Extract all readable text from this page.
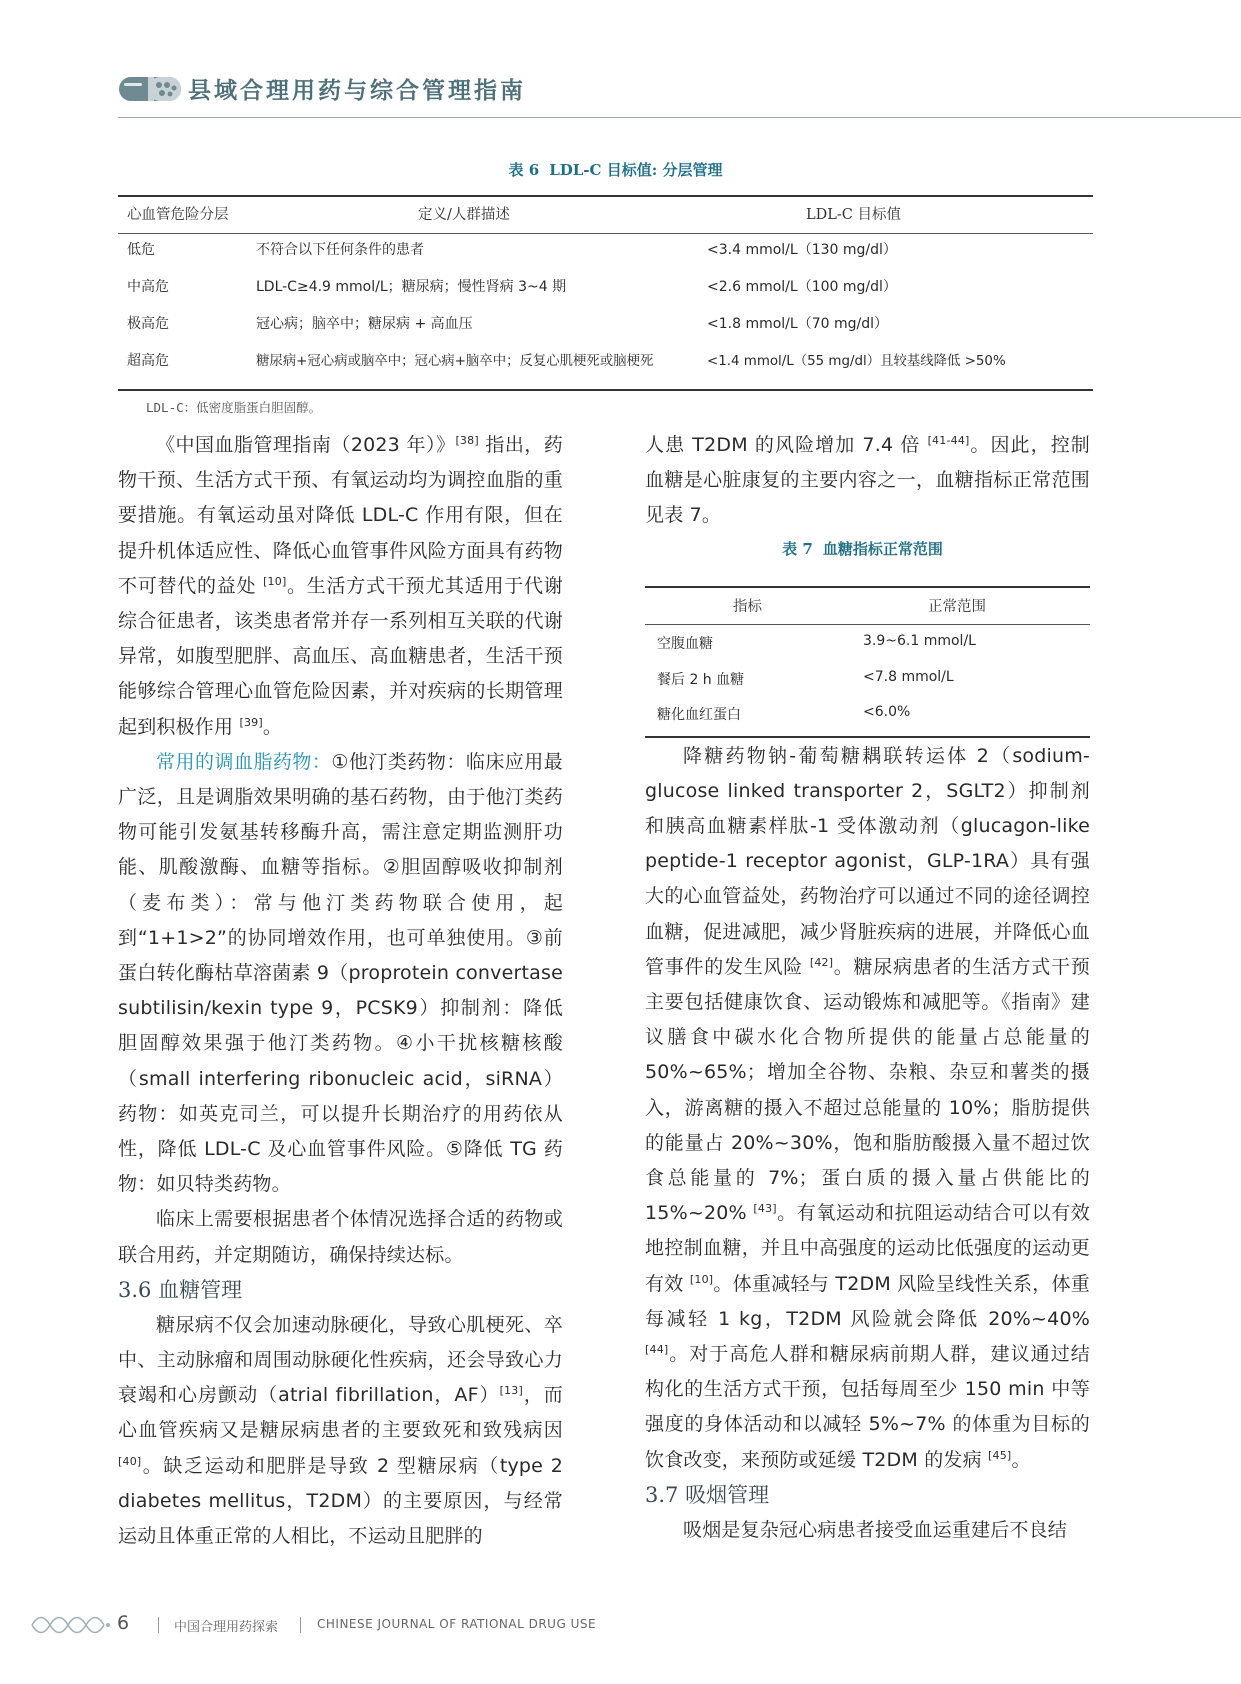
县域合理用药与综合管理指南
表 6 LDL-C 目标值: 分层管理
心血管危险分层	定义/人群描述	LDL-C 目标值
低危	不符合以下任何条件的患者	<3.4 mmol/L（130 mg/dl）
中高危	LDL-C≥4.9 mmol/L；糖尿病；慢性肾病 3~4 期	<2.6 mmol/L（100 mg/dl）
极高危	冠心病；脑卒中；糖尿病 + 高血压	<1.8 mmol/L（70 mg/dl）
超高危	糖尿病+冠心病或脑卒中；冠心病+脑卒中；反复心肌梗死或脑梗死	<1.4 mmol/L（55 mg/dl）且较基线降低 >50%
LDL-C：低密度脂蛋白胆固醇。

《中国血脂管理指南（2023 年）》[38] 指出，药物干预、生活方式干预、有氧运动均为调控血脂的重要措施。有氧运动虽对降低 LDL-C 作用有限，但在提升机体适应性、降低心血管事件风险方面具有药物不可替代的益处 [10]。生活方式干预尤其适用于代谢综合征患者，该类患者常并存一系列相互关联的代谢异常，如腹型肥胖、高血压、高血糖患者，生活干预能够综合管理心血管危险因素，并对疾病的长期管理起到积极作用 [39]。

常用的调血脂药物：①他汀类药物：临床应用最广泛，且是调脂效果明确的基石药物，由于他汀类药物可能引发氨基转移酶升高，需注意定期监测肝功能、肌酸激酶、血糖等指标。②胆固醇吸收抑制剂（麦布类）：常与他汀类药物联合使用，起到“1+1>2”的协同增效作用，也可单独使用。③前蛋白转化酶枯草溶菌素 9（proprotein convertase subtilisin/kexin type 9，PCSK9）抑制剂：降低胆固醇效果强于他汀类药物。④小干扰核糖核酸（small interfering ribonucleic acid，siRNA）药物：如英克司兰，可以提升长期治疗的用药依从性，降低 LDL-C 及心血管事件风险。⑤降低 TG 药物：如贝特类药物。

临床上需要根据患者个体情况选择合适的药物或联合用药，并定期随访，确保持续达标。

3.6 血糖管理

糖尿病不仅会加速动脉硬化，导致心肌梗死、卒中、主动脉瘤和周围动脉硬化性疾病，还会导致心力衰竭和心房颤动（atrial fibrillation，AF）[13]，而心血管疾病又是糖尿病患者的主要致死和致残病因 [40]。缺乏运动和肥胖是导致 2 型糖尿病（type 2 diabetes mellitus，T2DM）的主要原因，与经常运动且体重正常的人相比，不运动且肥胖的

人患 T2DM 的风险增加 7.4 倍 [41-44]。因此，控制血糖是心脏康复的主要内容之一，血糖指标正常范围见表 7。

表 7 血糖指标正常范围
指标	正常范围
空腹血糖	3.9~6.1 mmol/L
餐后 2 h 血糖	<7.8 mmol/L
糖化血红蛋白	<6.0%

降糖药物钠-葡萄糖耦联转运体 2（sodium-glucose linked transporter 2，SGLT2）抑制剂和胰高血糖素样肽-1 受体激动剂（glucagon-like peptide-1 receptor agonist，GLP-1RA）具有强大的心血管益处，药物治疗可以通过不同的途径调控血糖，促进减肥，减少肾脏疾病的进展，并降低心血管事件的发生风险 [42]。糖尿病患者的生活方式干预主要包括健康饮食、运动锻炼和减肥等。《指南》建议膳食中碳水化合物所提供的能量占总能量的 50%~65%；增加全谷物、杂粮、杂豆和薯类的摄入，游离糖的摄入不超过总能量的 10%；脂肪提供的能量占 20%~30%，饱和脂肪酸摄入量不超过饮食总能量的 7%；蛋白质的摄入量占供能比的 15%~20% [43]。有氧运动和抗阻运动结合可以有效地控制血糖，并且中高强度的运动比低强度的运动更有效 [10]。体重减轻与 T2DM 风险呈线性关系，体重每减轻 1 kg，T2DM 风险就会降低 20%~40% [44]。对于高危人群和糖尿病前期人群，建议通过结构化的生活方式干预，包括每周至少 150 min 中等强度的身体活动和以减轻 5%~7% 的体重为目标的饮食改变，来预防或延缓 T2DM 的发病 [45]。

3.7 吸烟管理

吸烟是复杂冠心病患者接受血运重建后不良结

6	中国合理用药探索	CHINESE JOURNAL OF RATIONAL DRUG USE
